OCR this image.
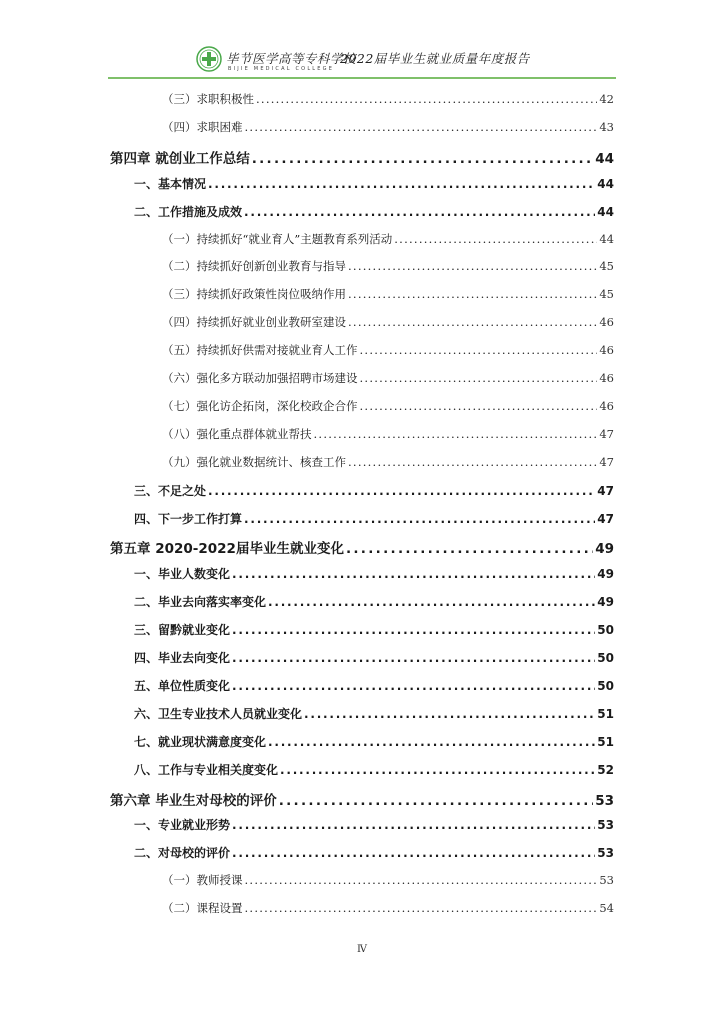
毕节医学高等专科学校
BIJIE MEDICAL COLLEGE
2022届毕业生就业质量年度报告
（三）求职积极性 . . .	42
（四）求职困难 . . .	43
第四章 就创业工作总结 . . .	44
一、基本情况 . . .	44
二、工作措施及成效 . . .	44
（一）持续抓好“就业育人”主题教育系列活动 . . .	44
（二）持续抓好创新创业教育与指导 . . .	45
（三）持续抓好政策性岗位吸纳作用 . . .	45
（四）持续抓好就业创业教研室建设 . . .	46
（五）持续抓好供需对接就业育人工作 . . .	46
（六）强化多方联动加强招聘市场建设 . . .	46
（七）强化访企拓岗，深化校政企合作 . . .	46
（八）强化重点群体就业帮扶 . . .	47
（九）强化就业数据统计、核查工作 . . .	47
三、不足之处 . . .	47
四、下一步工作打算 . . .	47
第五章 2020-2022届毕业生就业变化 . . .	49
一、毕业人数变化 . . .	49
二、毕业去向落实率变化 . . .	49
三、留黔就业变化 . . .	50
四、毕业去向变化 . . .	50
五、单位性质变化 . . .	50
六、卫生专业技术人员就业变化 . . .	51
七、就业现状满意度变化 . . .	51
八、工作与专业相关度变化 . . .	52
第六章 毕业生对母校的评价 . . .	53
一、专业就业形势 . . .	53
二、对母校的评价 . . .	53
（一）教师授课 . . .	53
（二）课程设置 . . .	54
Ⅳ
